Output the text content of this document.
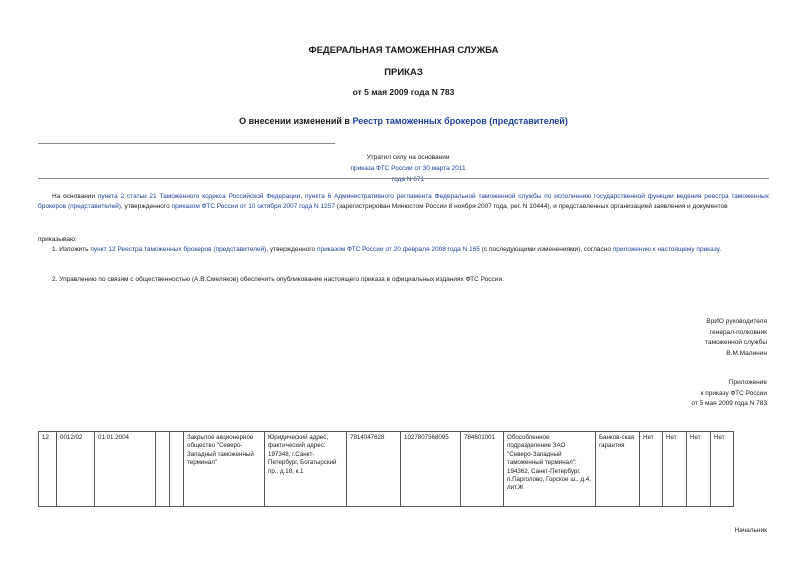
ФЕДЕРАЛЬНАЯ ТАМОЖЕННАЯ СЛУЖБА
ПРИКАЗ
от 5 мая 2009 года N 783
О внесении изменений в Реестр таможенных брокеров (представителей)
Утратил силу на основании
приказа ФТС России от 30 марта 2011 года N 671
На основании пункта 2 статьи 21 Таможенного кодекса Российской Федерации, пункта 6 Административного регламента Федеральной таможенной службы по исполнению государственной функции ведения реестра таможенных брокеров (представителей), утвержденного приказом ФТС России от 10 октября 2007 года N 1257 (зарегистрирован Минюстом России 8 ноября 2007 года, рег. N 10444), и представленных организацией заявления и документов
приказываю:
1. Изложить пункт 12 Реестра таможенных брокеров (представителей), утвержденного приказом ФТС России от 20 февраля 2008 года N 165 (с последующими изменениями), согласно приложению к настоящему приказу.
2. Управлению по связям с общественностью (А.В.Смеляков) обеспечить опубликование настоящего приказа в официальных изданиях ФТС России.
ВрИО руководителя
генерал-полковник
таможенной службы
В.М.Малинин
Приложение
к приказу ФТС России
от 5 мая 2009 года N 783
12	0012/02	01.01.2004			Закрытое акционерное общество "Северо-Западный таможенный терминал"	Юридический адрес, фактический адрес: 197348, г.Санкт-Петербург, Богатырский пр., д.18, к.1	7814047628	1027807568095	784601001	Обособленное подразделение ЗАО "Северо-Западный таможенный терминал": 194362, Санкт-Петербург, п.Парголово, Горское ш., д.4, лит.Ж	Банков-ская гарантия	Нет	Нет	Нет	Нет
Начальник
